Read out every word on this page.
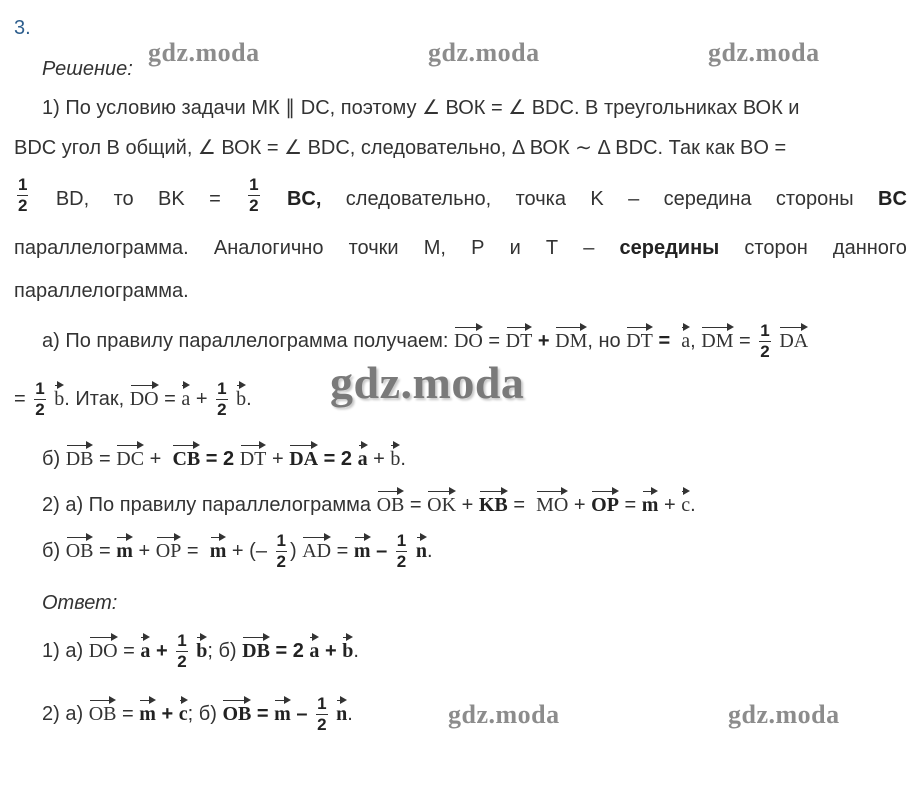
3.
gdz.moda	gdz.moda	gdz.moda
Решение:
1) По условию задачи МК ∥ DC, поэтому ∠ ВОК = ∠ BDC. В треугольниках ВОК и
BDC угол B общий, ∠ ВОК = ∠ BDC, следовательно, Δ ВОК ∼ Δ BDC. Так как BO =
1
2 BD, то BK = $\frac{1}{2}$ BC, следовательно, точка K – середина стороны BC
параллелограмма. Аналогично точки M, P и T – середины сторон данного
параллелограмма.
а) По правилу параллелограмма получаем: DO = DT + DM, но DT = a, DM = $\frac{1}{2}$ DA
= $\frac{1}{2} b$. Итак, DO = $a + \frac{1}{2} b$. gdz.moda
б) DB = DC +  CB = 2 DT + DA = 2 a + b.
2) а) По правилу параллелограмма OB = OK + KB =  MO + OP = m + c.
б) OB = m + OP =  m + (– $\frac{1}{2}$ ) AD = m – $\frac{1}{2} n$.
Ответ:
1) а) DO = $a + \frac{1}{2} b$; б) DB = 2 a + b.
2) а) OB = m + c; б) OB = m – $\frac{1}{2} n$.	gdz.moda	gdz.moda
